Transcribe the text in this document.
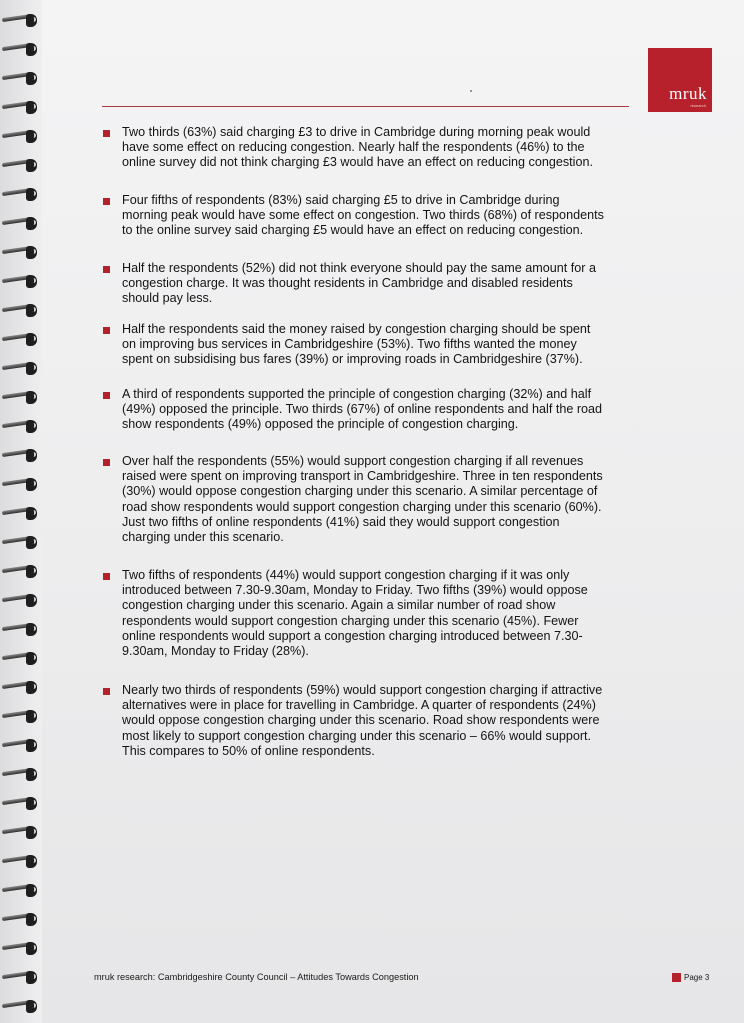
mruk
research
Two thirds (63%) said charging £3 to drive in Cambridge during morning peak would
have some effect on reducing congestion. Nearly half the respondents (46%) to the
online survey did not think charging £3 would have an effect on reducing congestion.
Four fifths of respondents (83%) said charging £5 to drive in Cambridge during
morning peak would have some effect on congestion. Two thirds (68%) of respondents
to the online survey said charging £5 would have an effect on reducing congestion.
Half the respondents (52%) did not think everyone should pay the same amount for a
congestion charge. It was thought residents in Cambridge and disabled residents
should pay less.
Half the respondents said the money raised by congestion charging should be spent
on improving bus services in Cambridgeshire (53%). Two fifths wanted the money
spent on subsidising bus fares (39%) or improving roads in Cambridgeshire (37%).
A third of respondents supported the principle of congestion charging (32%) and half
(49%) opposed the principle. Two thirds (67%) of online respondents and half the road
show respondents (49%) opposed the principle of congestion charging.
Over half the respondents (55%) would support congestion charging if all revenues
raised were spent on improving transport in Cambridgeshire. Three in ten respondents
(30%) would oppose congestion charging under this scenario. A similar percentage of
road show respondents would support congestion charging under this scenario (60%).
Just two fifths of online respondents (41%) said they would support congestion
charging under this scenario.
Two fifths of respondents (44%) would support congestion charging if it was only
introduced between 7.30-9.30am, Monday to Friday. Two fifths (39%) would oppose
congestion charging under this scenario. Again a similar number of road show
respondents would support congestion charging under this scenario (45%). Fewer
online respondents would support a congestion charging introduced between 7.30-
9.30am, Monday to Friday (28%).
Nearly two thirds of respondents (59%) would support congestion charging if attractive
alternatives were in place for travelling in Cambridge. A quarter of respondents (24%)
would oppose congestion charging under this scenario. Road show respondents were
most likely to support congestion charging under this scenario – 66% would support.
This compares to 50% of online respondents.
mruk research: Cambridgeshire County Council – Attitudes Towards Congestion	Page 3
